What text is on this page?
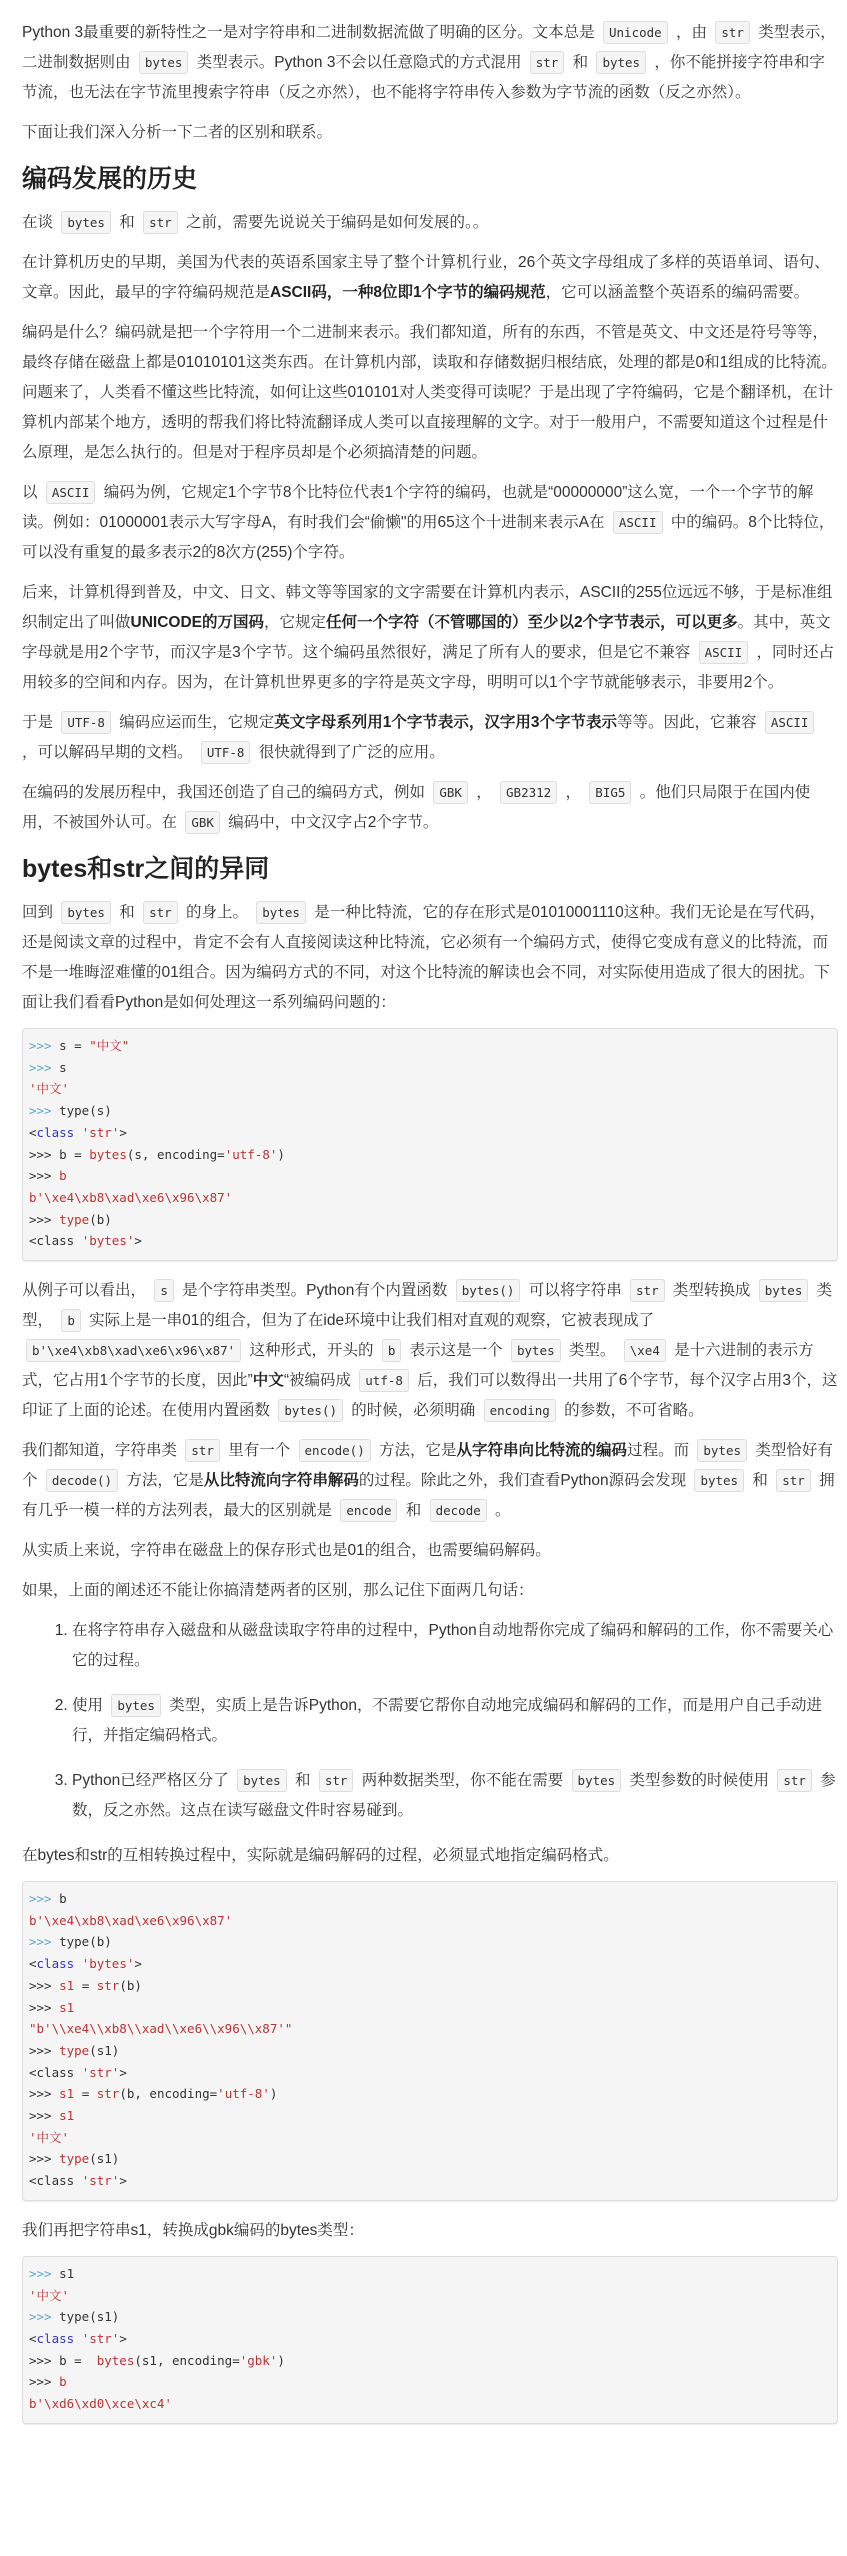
Python 3最重要的新特性之一是对字符串和二进制数据流做了明确的区分。文本总是 Unicode ，由 str 类型表示，二进制数据则由 bytes 类型表示。Python 3不会以任意隐式的方式混用 str 和 bytes ，你不能拼接字符串和字节流，也无法在字节流里搜索字符串（反之亦然），也不能将字符串传入参数为字节流的函数（反之亦然）。

下面让我们深入分析一下二者的区别和联系。

编码发展的历史

在谈 bytes 和 str 之前，需要先说说关于编码是如何发展的。。

在计算机历史的早期，美国为代表的英语系国家主导了整个计算机行业，26个英文字母组成了多样的英语单词、语句、文章。因此，最早的字符编码规范是ASCII码，一种8位即1个字节的编码规范，它可以涵盖整个英语系的编码需要。

编码是什么？编码就是把一个字符用一个二进制来表示。我们都知道，所有的东西，不管是英文、中文还是符号等等，最终存储在磁盘上都是01010101这类东西。在计算机内部，读取和存储数据归根结底，处理的都是0和1组成的比特流。问题来了，人类看不懂这些比特流，如何让这些010101对人类变得可读呢？于是出现了字符编码，它是个翻译机，在计算机内部某个地方，透明的帮我们将比特流翻译成人类可以直接理解的文字。对于一般用户，不需要知道这个过程是什么原理，是怎么执行的。但是对于程序员却是个必须搞清楚的问题。

以 ASCII 编码为例，它规定1个字节8个比特位代表1个字符的编码，也就是“00000000”这么宽，一个一个字节的解读。例如：01000001表示大写字母A，有时我们会“偷懒"的用65这个十进制来表示A在 ASCII 中的编码。8个比特位，可以没有重复的最多表示2的8次方(255)个字符。

后来，计算机得到普及，中文、日文、韩文等等国家的文字需要在计算机内表示，ASCII的255位远远不够，于是标准组织制定出了叫做UNICODE的万国码，它规定任何一个字符（不管哪国的）至少以2个字节表示，可以更多。其中，英文字母就是用2个字节，而汉字是3个字节。这个编码虽然很好，满足了所有人的要求，但是它不兼容 ASCII ，同时还占用较多的空间和内存。因为，在计算机世界更多的字符是英文字母，明明可以1个字节就能够表示，非要用2个。

于是 UTF-8 编码应运而生，它规定英文字母系列用1个字节表示，汉字用3个字节表示等等。因此，它兼容 ASCII ，可以解码早期的文档。 UTF-8 很快就得到了广泛的应用。

在编码的发展历程中，我国还创造了自己的编码方式，例如 GBK ， GB2312 ， BIG5 。他们只局限于在国内使用，不被国外认可。在 GBK 编码中，中文汉字占2个字节。

bytes和str之间的异同

回到 bytes 和 str 的身上。 bytes 是一种比特流，它的存在形式是01010001110这种。我们无论是在写代码，还是阅读文章的过程中，肯定不会有人直接阅读这种比特流，它必须有一个编码方式，使得它变成有意义的比特流，而不是一堆晦涩难懂的01组合。因为编码方式的不同，对这个比特流的解读也会不同，对实际使用造成了很大的困扰。下面让我们看看Python是如何处理这一系列编码问题的：

>>> s = "中文"
>>> s
'中文'
>>> type(s)
<class 'str'>
>>> b = bytes(s, encoding='utf-8')
>>> b
b'\xe4\xb8\xad\xe6\x96\x87'
>>> type(b)
<class 'bytes'>

从例子可以看出， s 是个字符串类型。Python有个内置函数 bytes() 可以将字符串 str 类型转换成 bytes 类型， b 实际上是一串01的组合，但为了在ide环境中让我们相对直观的观察，它被表现成了 b'\xe4\xb8\xad\xe6\x96\x87' 这种形式，开头的 b 表示这是一个 bytes 类型。 \xe4 是十六进制的表示方式，它占用1个字节的长度，因此”中文“被编码成 utf-8 后，我们可以数得出一共用了6个字节，每个汉字占用3个，这印证了上面的论述。在使用内置函数 bytes() 的时候，必须明确 encoding 的参数，不可省略。

我们都知道，字符串类 str 里有一个 encode() 方法，它是从字符串向比特流的编码过程。而 bytes 类型恰好有个 decode() 方法，它是从比特流向字符串解码的过程。除此之外，我们查看Python源码会发现 bytes 和 str 拥有几乎一模一样的方法列表，最大的区别就是 encode 和 decode 。

从实质上来说，字符串在磁盘上的保存形式也是01的组合，也需要编码解码。

如果，上面的阐述还不能让你搞清楚两者的区别，那么记住下面两几句话：

1. 在将字符串存入磁盘和从磁盘读取字符串的过程中，Python自动地帮你完成了编码和解码的工作，你不需要关心它的过程。
2. 使用 bytes 类型，实质上是告诉Python，不需要它帮你自动地完成编码和解码的工作，而是用户自己手动进行，并指定编码格式。
3. Python已经严格区分了 bytes 和 str 两种数据类型，你不能在需要 bytes 类型参数的时候使用 str 参数，反之亦然。这点在读写磁盘文件时容易碰到。

在bytes和str的互相转换过程中，实际就是编码解码的过程，必须显式地指定编码格式。

>>> b
b'\xe4\xb8\xad\xe6\x96\x87'
>>> type(b)
<class 'bytes'>
>>> s1 = str(b)
>>> s1
"b'\\xe4\\xb8\\xad\\xe6\\x96\\x87'"
>>> type(s1)
<class 'str'>
>>> s1 = str(b, encoding='utf-8')
>>> s1
'中文'
>>> type(s1)
<class 'str'>

我们再把字符串s1，转换成gbk编码的bytes类型：

>>> s1
'中文'
>>> type(s1)
<class 'str'>
>>> b =  bytes(s1, encoding='gbk')
>>> b
b'\xd6\xd0\xce\xc4'
